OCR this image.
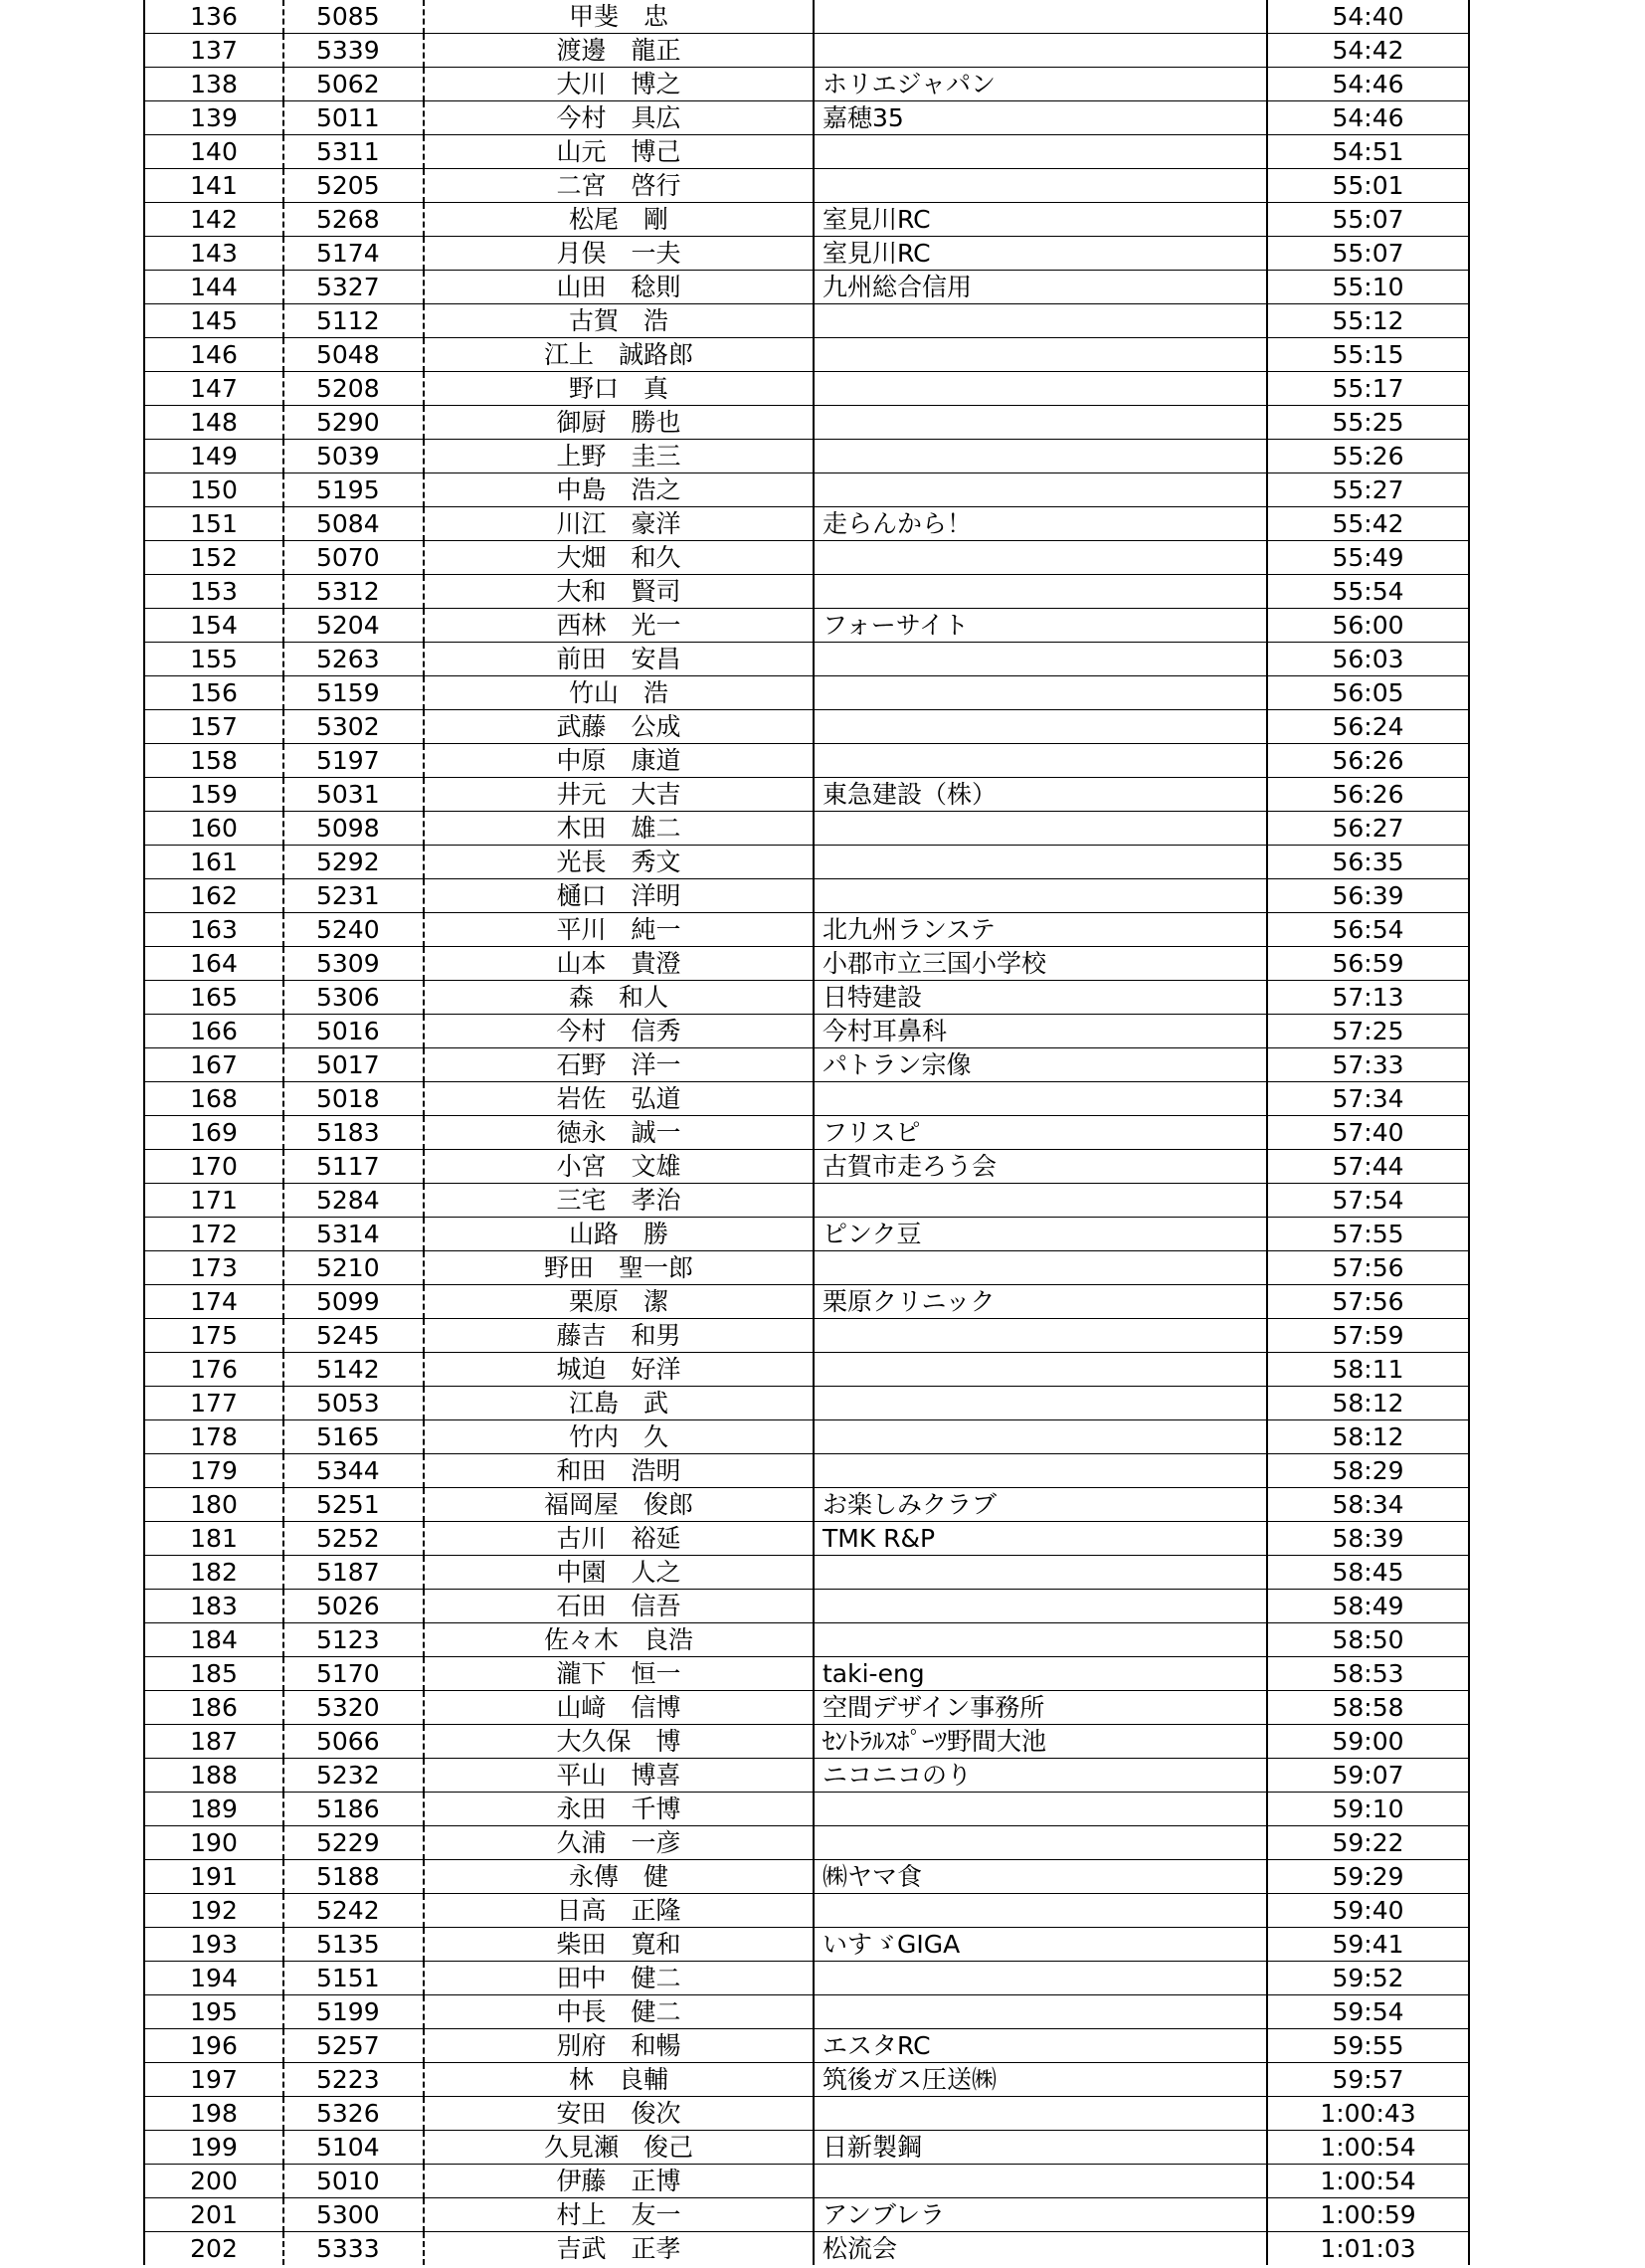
136	5085	甲斐　忠		54:40
137	5339	渡邊　龍正		54:42
138	5062	大川　博之	ホリエジャパン	54:46
139	5011	今村　具広	嘉穂35	54:46
140	5311	山元　博己		54:51
141	5205	二宮　啓行		55:01
142	5268	松尾　剛	室見川RC	55:07
143	5174	月俣　一夫	室見川RC	55:07
144	5327	山田　稔則	九州総合信用	55:10
145	5112	古賀　浩		55:12
146	5048	江上　誠路郎		55:15
147	5208	野口　真		55:17
148	5290	御厨　勝也		55:25
149	5039	上野　圭三		55:26
150	5195	中島　浩之		55:27
151	5084	川江　豪洋	走らんから！	55:42
152	5070	大畑　和久		55:49
153	5312	大和　賢司		55:54
154	5204	西林　光一	フォーサイト	56:00
155	5263	前田　安昌		56:03
156	5159	竹山　浩		56:05
157	5302	武藤　公成		56:24
158	5197	中原　康道		56:26
159	5031	井元　大吉	東急建設（株）	56:26
160	5098	木田　雄二		56:27
161	5292	光長　秀文		56:35
162	5231	樋口　洋明		56:39
163	5240	平川　純一	北九州ランステ	56:54
164	5309	山本　貴澄	小郡市立三国小学校	56:59
165	5306	森　和人	日特建設	57:13
166	5016	今村　信秀	今村耳鼻科	57:25
167	5017	石野　洋一	パトラン宗像	57:33
168	5018	岩佐　弘道		57:34
169	5183	徳永　誠一	フリスピ	57:40
170	5117	小宮　文雄	古賀市走ろう会	57:44
171	5284	三宅　孝治		57:54
172	5314	山路　勝	ピンク豆	57:55
173	5210	野田　聖一郎		57:56
174	5099	栗原　潔	栗原クリニック	57:56
175	5245	藤吉　和男		57:59
176	5142	城迫　好洋		58:11
177	5053	江島　武		58:12
178	5165	竹内　久		58:12
179	5344	和田　浩明		58:29
180	5251	福岡屋　俊郎	お楽しみクラブ	58:34
181	5252	古川　裕延	TMK R&P	58:39
182	5187	中園　人之		58:45
183	5026	石田　信吾		58:49
184	5123	佐々木　良浩		58:50
185	5170	瀧下　恒一	taki-eng	58:53
186	5320	山﨑　信博	空間デザイン事務所	58:58
187	5066	大久保　博	ｾﾝﾄﾗﾙｽﾎﾟｰﾂ野間大池	59:00
188	5232	平山　博喜	ニコニコのり	59:07
189	5186	永田　千博		59:10
190	5229	久浦　一彦		59:22
191	5188	永傳　健	㈱ヤマ食	59:29
192	5242	日高　正隆		59:40
193	5135	柴田　寛和	いすゞGIGA	59:41
194	5151	田中　健二		59:52
195	5199	中長　健二		59:54
196	5257	別府　和暢	エスタRC	59:55
197	5223	林　良輔	筑後ガス圧送㈱	59:57
198	5326	安田　俊次		1:00:43
199	5104	久見瀬　俊己	日新製鋼	1:00:54
200	5010	伊藤　正博		1:00:54
201	5300	村上　友一	アンブレラ	1:00:59
202	5333	吉武　正孝	松流会	1:01:03
